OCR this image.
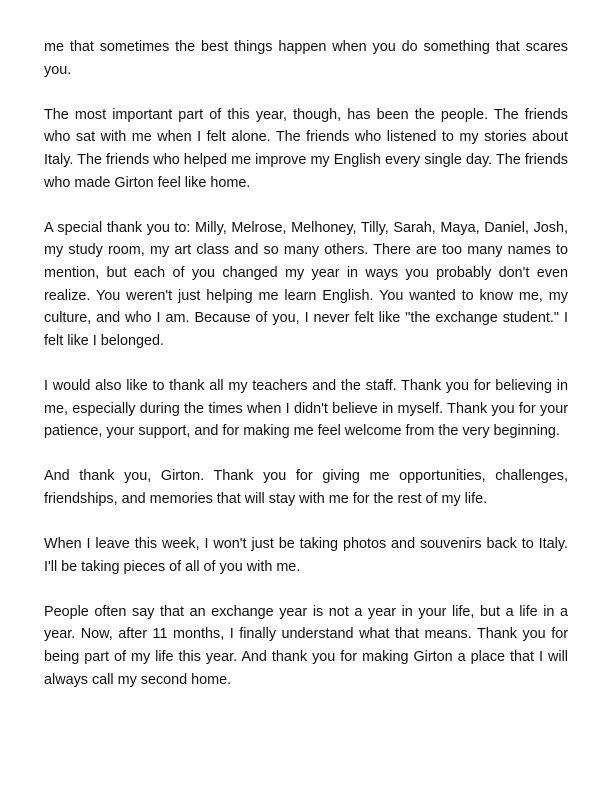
me that sometimes the best things happen when you do something that scares you.

The most important part of this year, though, has been the people. The friends who sat with me when I felt alone. The friends who listened to my stories about Italy. The friends who helped me improve my English every single day. The friends who made Girton feel like home.

A special thank you to: Milly, Melrose, Melhoney, Tilly, Sarah, Maya, Daniel, Josh, my study room, my art class and so many others. There are too many names to mention, but each of you changed my year in ways you probably don't even realize. You weren't just helping me learn English. You wanted to know me, my culture, and who I am. Because of you, I never felt like "the exchange student." I felt like I belonged.

I would also like to thank all my teachers and the staff. Thank you for believing in me, especially during the times when I didn't believe in myself. Thank you for your patience, your support, and for making me feel welcome from the very beginning.

And thank you, Girton. Thank you for giving me opportunities, challenges, friendships, and memories that will stay with me for the rest of my life.

When I leave this week, I won't just be taking photos and souvenirs back to Italy. I'll be taking pieces of all of you with me.

People often say that an exchange year is not a year in your life, but a life in a year. Now, after 11 months, I finally understand what that means. Thank you for being part of my life this year. And thank you for making Girton a place that I will always call my second home.
